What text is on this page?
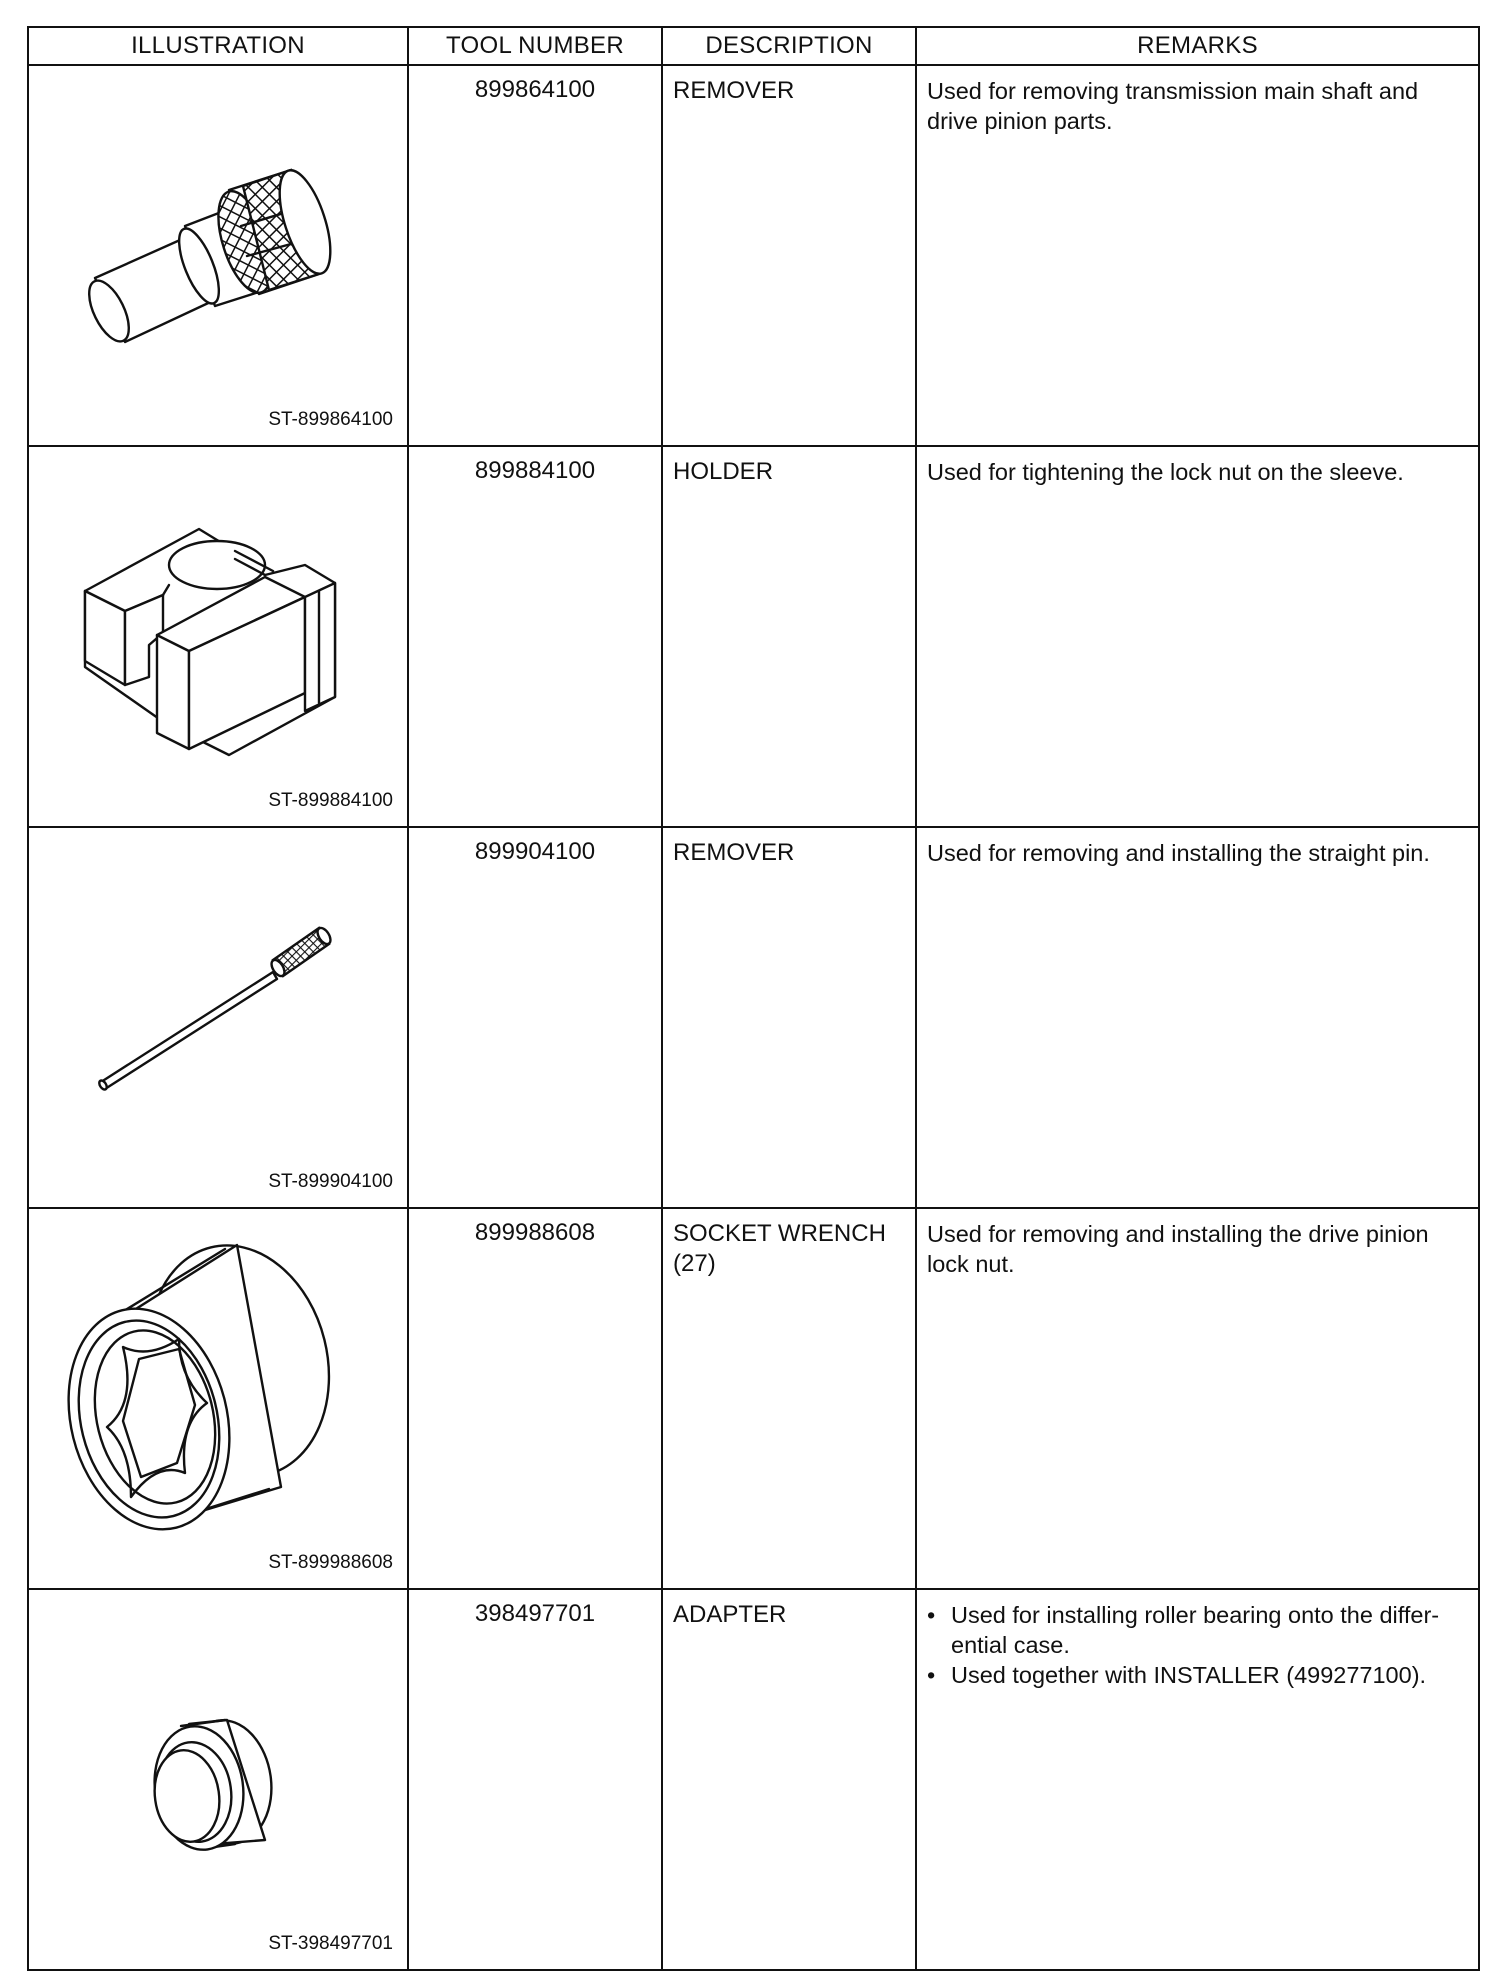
ILLUSTRATION	TOOL NUMBER	DESCRIPTION	REMARKS

ST-899864100	899864100	REMOVER	Used for removing transmission main shaft and drive pinion parts.

ST-899884100	899884100	HOLDER	Used for tightening the lock nut on the sleeve.

ST-899904100	899904100	REMOVER	Used for removing and installing the straight pin.

ST-899988608	899988608	SOCKET WRENCH (27)	Used for removing and installing the drive pinion lock nut.

ST-398497701	398497701	ADAPTER	• Used for installing roller bearing onto the differ- ential case.
• Used together with INSTALLER (499277100).
